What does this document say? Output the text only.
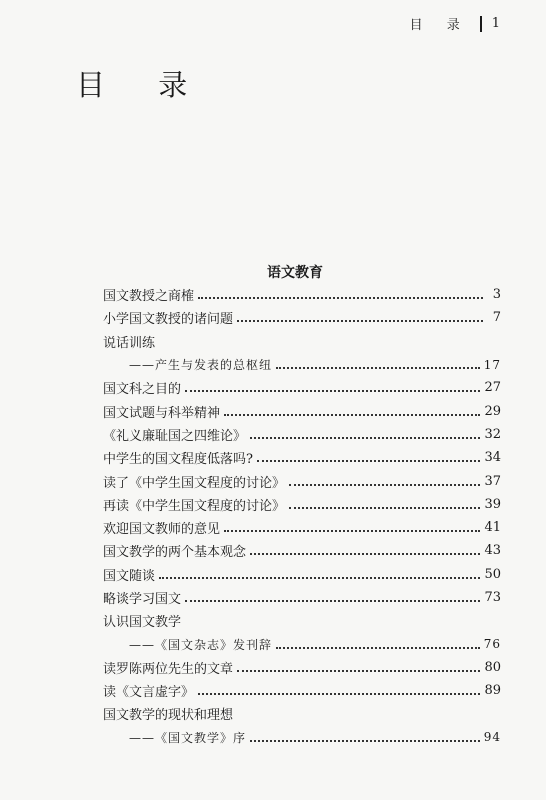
目 录 1
目 录
语文教育
国文教授之商榷	3
小学国文教授的诸问题	7
说话训练
——产生与发表的总枢纽	17
国文科之目的	27
国文试题与科举精神	29
《礼义廉耻国之四维论》	32
中学生的国文程度低落吗?	34
读了《中学生国文程度的讨论》	37
再读《中学生国文程度的讨论》	39
欢迎国文教师的意见	41
国文教学的两个基本观念	43
国文随谈	50
略谈学习国文	73
认识国文教学
——《国文杂志》发刊辞	76
读罗陈两位先生的文章	80
读《文言虚字》	89
国文教学的现状和理想
——《国文教学》序	94
